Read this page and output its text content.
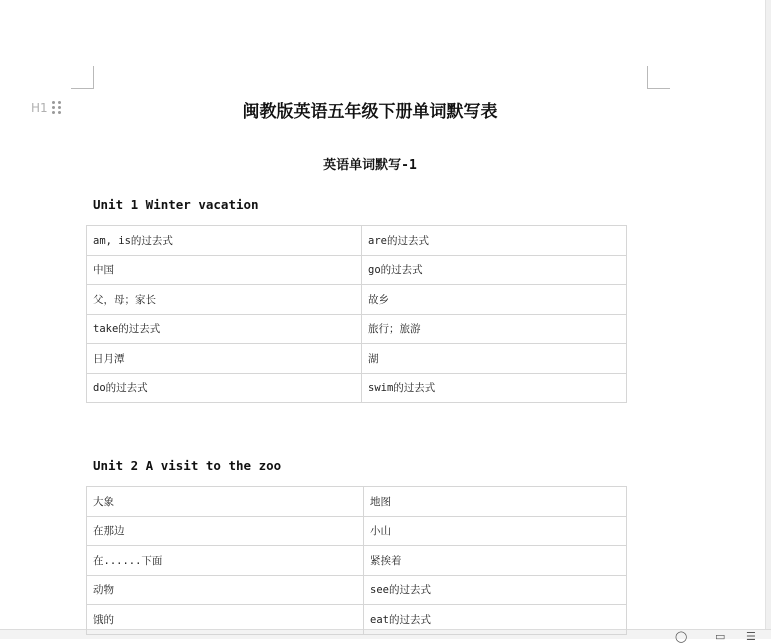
◯	▭ ☰
H1	闽教版英语五年级下册单词默写表
英语单词默写-1
Unit 1 Winter vacation
am, is的过去式	are的过去式
中国	go的过去式
父，母；家长	故乡
take的过去式	旅行；旅游
日月潭	湖
do的过去式	swim的过去式
Unit 2 A visit to the zoo
大象	地图
在那边	小山
在......下面	紧挨着
动物	see的过去式
饿的	eat的过去式
